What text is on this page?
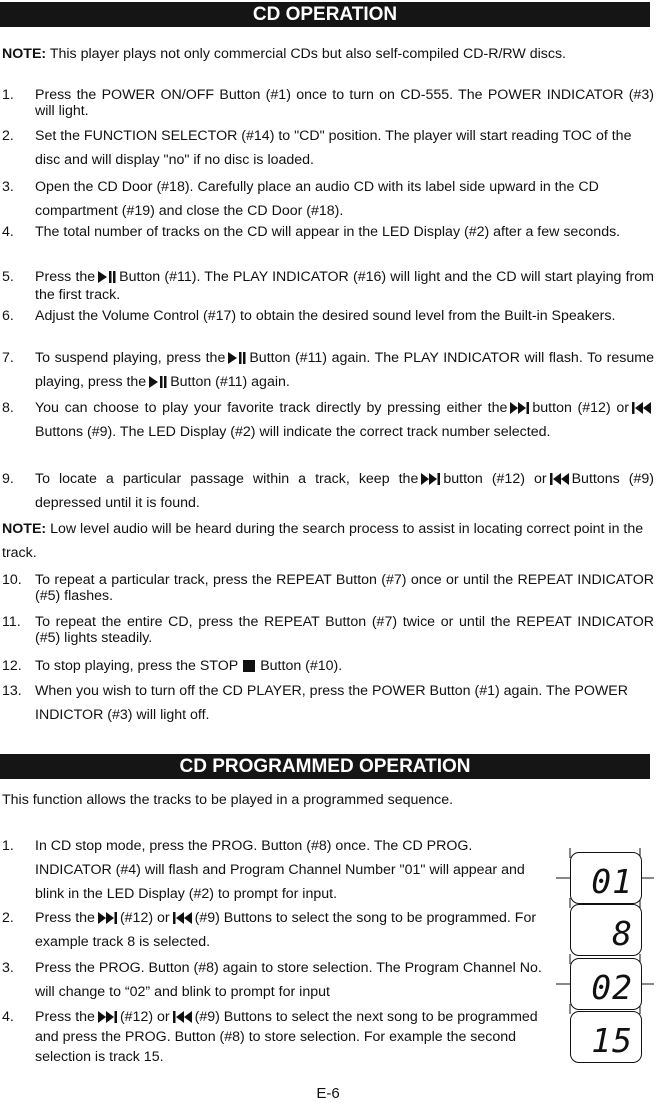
CD OPERATION
NOTE: This player plays not only commercial CDs but also self-compiled CD-R/RW discs.
1. Press the POWER ON/OFF Button (#1) once to turn on CD-555. The POWER INDICATOR (#3) will light.
2. Set the FUNCTION SELECTOR (#14) to "CD" position. The player will start reading TOC of the disc and will display "no" if no disc is loaded.
3. Open the CD Door (#18). Carefully place an audio CD with its label side upward in the CD compartment (#19) and close the CD Door (#18).
4. The total number of tracks on the CD will appear in the LED Display (#2) after a few seconds.
5. Press the Button (#11). The PLAY INDICATOR (#16) will light and the CD will start playing from the first track.
6. Adjust the Volume Control (#17) to obtain the desired sound level from the Built-in Speakers.
7. To suspend playing, press the Button (#11) again. The PLAY INDICATOR will flash. To resume playing, press the Button (#11) again.
8. You can choose to play your favorite track directly by pressing either the button (#12) orButtons (#9). The LED Display (#2) will indicate the correct track number selected.
9. To locate a particular passage within a track, keep the button (#12) or Buttons (#9) depressed until it is found.
NOTE: Low level audio will be heard during the search process to assist in locating correct point in the track.
10. To repeat a particular track, press the REPEAT Button (#7) once or until the REPEAT INDICATOR (#5) flashes.
11. To repeat the entire CD, press the REPEAT Button (#7) twice or until the REPEAT INDICATOR (#5) lights steadily.
12. To stop playing, press the STOP Button (#10).
13. When you wish to turn off the CD PLAYER, press the POWER Button (#1) again. The POWER INDICTOR (#3) will light off.
CD PROGRAMMED OPERATION
This function allows the tracks to be played in a programmed sequence.
1. In CD stop mode, press the PROG. Button (#8) once. The CD PROG. INDICATOR (#4) will flash and Program Channel Number "01" will appear and blink in the LED Display (#2) to prompt for input.
2. Press the (#12) or (#9) Buttons to select the song to be programmed. For example track 8 is selected.
3. Press the PROG. Button (#8) again to store selection. The Program Channel No. will change to “02” and blink to prompt for input
4. Press the (#12) or (#9) Buttons to select the next song to be programmed and press the PROG. Button (#8) to store selection. For example the second selection is track 15.
01
8
02
15
E-6
